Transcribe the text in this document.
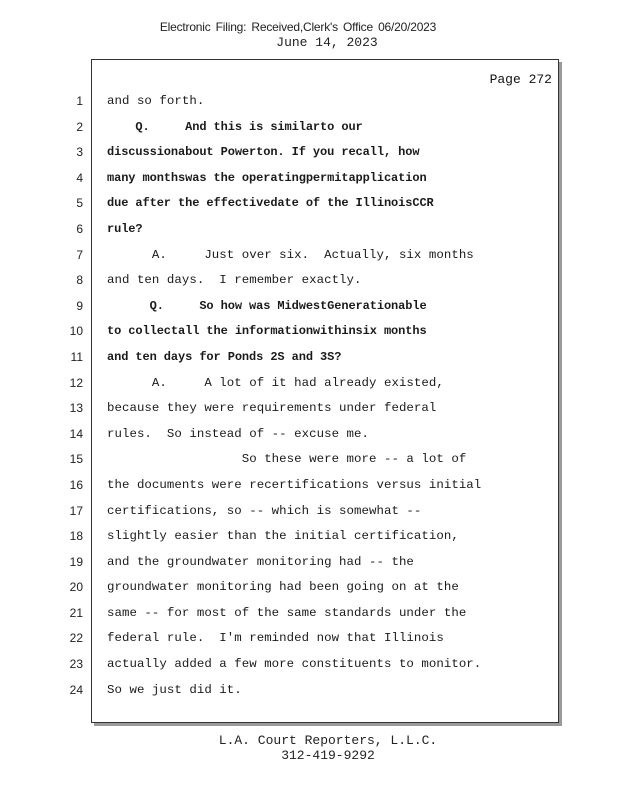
Electronic Filing: Received,Clerk's Office 06/20/2023
June 14, 2023
Page 272
1
2
3
4
5
6
7
8
9
10
11
12
13
14
15
16
17
18
19
20
21
22
23
24
and so forth.
Q.     And this is similarto our
discussionabout Powerton. If you recall, how
many monthswas the operatingpermitapplication
due after the effectivedate of the IllinoisCCR
rule?
A.     Just over six.  Actually, six months
and ten days.  I remember exactly.
Q.     So how was MidwestGenerationable
to collectall the informationwithinsix months
and ten days for Ponds 2S and 3S?
A.     A lot of it had already existed,
because they were requirements under federal
rules.  So instead of -- excuse me.
So these were more -- a lot of
the documents were recertifications versus initial
certifications, so -- which is somewhat --
slightly easier than the initial certification,
and the groundwater monitoring had -- the
groundwater monitoring had been going on at the
same -- for most of the same standards under the
federal rule.  I'm reminded now that Illinois
actually added a few more constituents to monitor.
So we just did it.
L.A. Court Reporters, L.L.C.
312-419-9292
